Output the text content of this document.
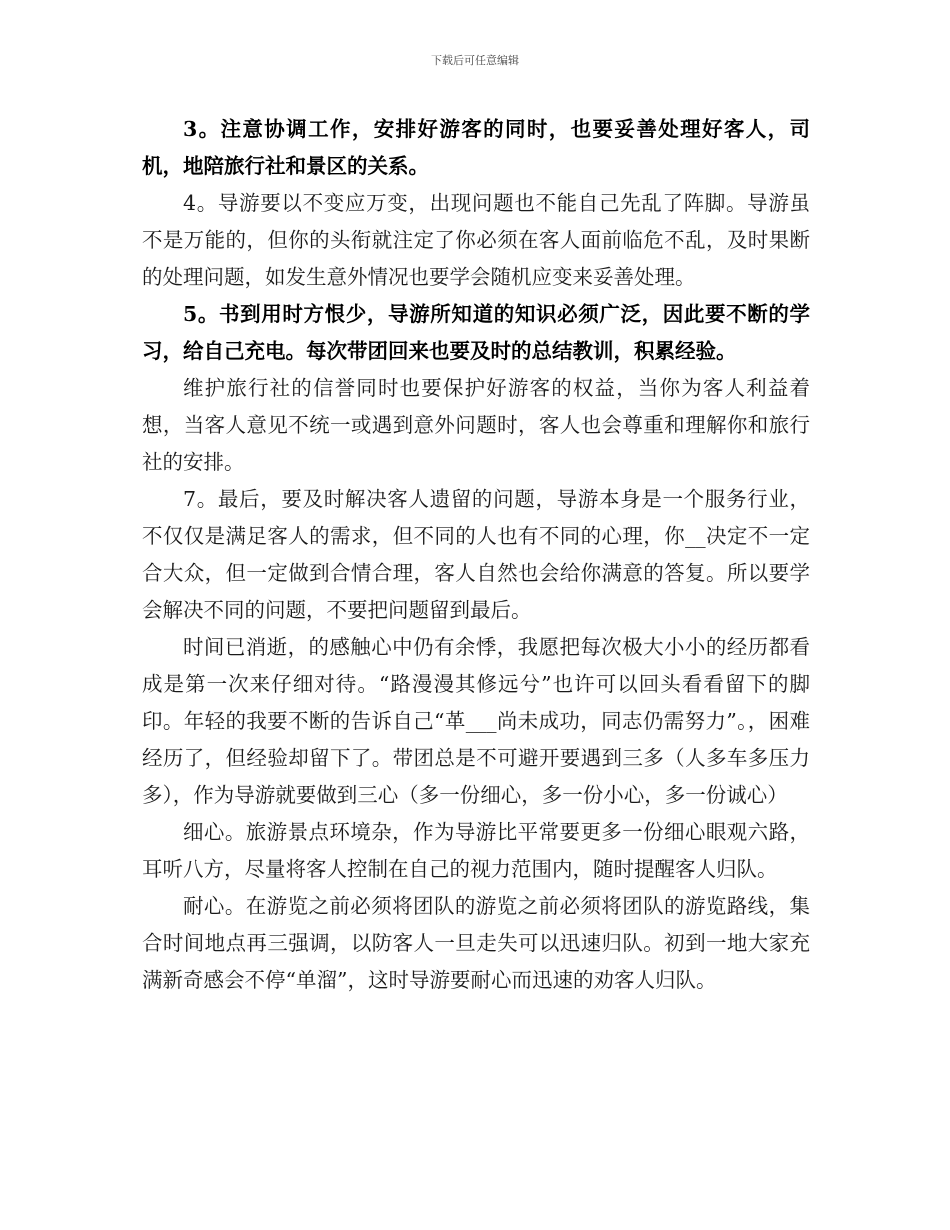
下载后可任意编辑

3。注意协调工作，安排好游客的同时，也要妥善处理好客人，司机，地陪旅行社和景区的关系。

4。导游要以不变应万变，出现问题也不能自己先乱了阵脚。导游虽不是万能的，但你的头衔就注定了你必须在客人面前临危不乱，及时果断的处理问题，如发生意外情况也要学会随机应变来妥善处理。

5。书到用时方恨少，导游所知道的知识必须广泛，因此要不断的学习，给自己充电。每次带团回来也要及时的总结教训，积累经验。

维护旅行社的信誉同时也要保护好游客的权益，当你为客人利益着想，当客人意见不统一或遇到意外问题时，客人也会尊重和理解你和旅行社的安排。

7。最后，要及时解决客人遗留的问题，导游本身是一个服务行业，不仅仅是满足客人的需求，但不同的人也有不同的心理，你__决定不一定合大众，但一定做到合情合理，客人自然也会给你满意的答复。所以要学会解决不同的问题，不要把问题留到最后。

时间已消逝，的感触心中仍有余悸，我愿把每次极大小小的经历都看成是第一次来仔细对待。“路漫漫其修远兮”也许可以回头看看留下的脚印。年轻的我要不断的告诉自己“革___尚未成功，同志仍需努力”。，困难经历了，但经验却留下了。带团总是不可避开要遇到三多（人多车多压力多），作为导游就要做到三心（多一份细心，多一份小心，多一份诚心）

细心。旅游景点环境杂，作为导游比平常要更多一份细心眼观六路，耳听八方，尽量将客人控制在自己的视力范围内，随时提醒客人归队。

耐心。在游览之前必须将团队的游览之前必须将团队的游览路线，集合时间地点再三强调，以防客人一旦走失可以迅速归队。初到一地大家充满新奇感会不停“单溜”，这时导游要耐心而迅速的劝客人归队。
